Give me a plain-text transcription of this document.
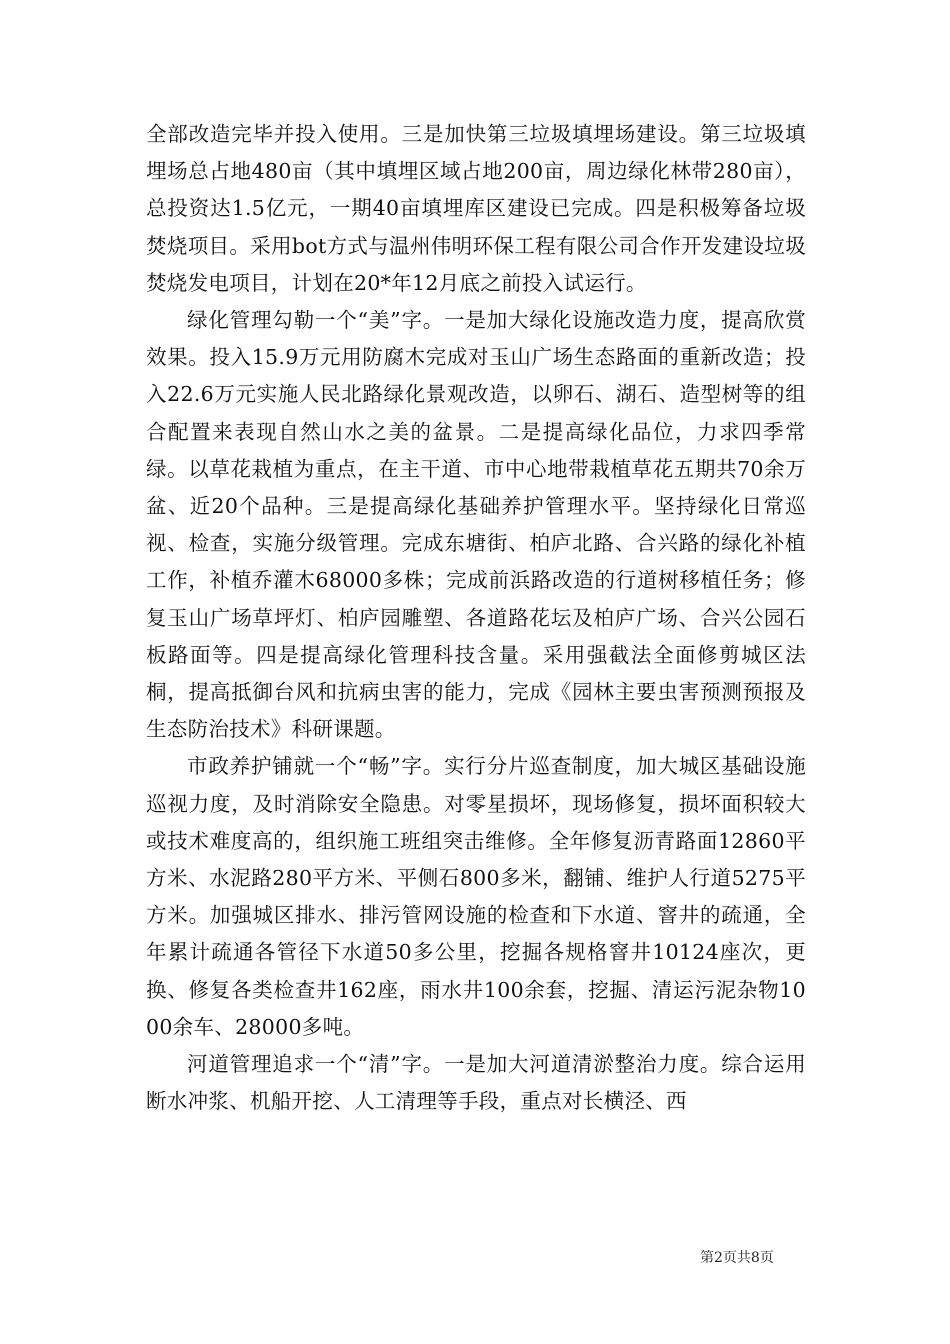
全部改造完毕并投入使用。三是加快第三垃圾填埋场建设。第三垃圾填埋场总占地480亩（其中填埋区域占地200亩，周边绿化林带280亩），总投资达1.5亿元，一期40亩填埋库区建设已完成。四是积极筹备垃圾焚烧项目。采用bot方式与温州伟明环保工程有限公司合作开发建设垃圾焚烧发电项目，计划在20*年12月底之前投入试运行。

绿化管理勾勒一个“美”字。一是加大绿化设施改造力度，提高欣赏效果。投入15.9万元用防腐木完成对玉山广场生态路面的重新改造；投入22.6万元实施人民北路绿化景观改造，以卵石、湖石、造型树等的组合配置来表现自然山水之美的盆景。二是提高绿化品位，力求四季常绿。以草花栽植为重点，在主干道、市中心地带栽植草花五期共70余万盆、近20个品种。三是提高绿化基础养护管理水平。坚持绿化日常巡视、检查，实施分级管理。完成东塘街、柏庐北路、合兴路的绿化补植工作，补植乔灌木68000多株；完成前浜路改造的行道树移植任务；修复玉山广场草坪灯、柏庐园雕塑、各道路花坛及柏庐广场、合兴公园石板路面等。四是提高绿化管理科技含量。采用强截法全面修剪城区法桐，提高抵御台风和抗病虫害的能力，完成《园林主要虫害预测预报及生态防治技术》科研课题。

市政养护铺就一个“畅”字。实行分片巡查制度，加大城区基础设施巡视力度，及时消除安全隐患。对零星损坏，现场修复，损坏面积较大或技术难度高的，组织施工班组突击维修。全年修复沥青路面12860平方米、水泥路280平方米、平侧石800多米，翻铺、维护人行道5275平方米。加强城区排水、排污管网设施的检查和下水道、窨井的疏通，全年累计疏通各管径下水道50多公里，挖掘各规格窨井10124座次，更换、修复各类检查井162座，雨水井100余套，挖掘、清运污泥杂物1000余车、28000多吨。

河道管理追求一个“清”字。一是加大河道清淤整治力度。综合运用断水冲浆、机船开挖、人工清理等手段，重点对长横泾、西

第2页共8页
